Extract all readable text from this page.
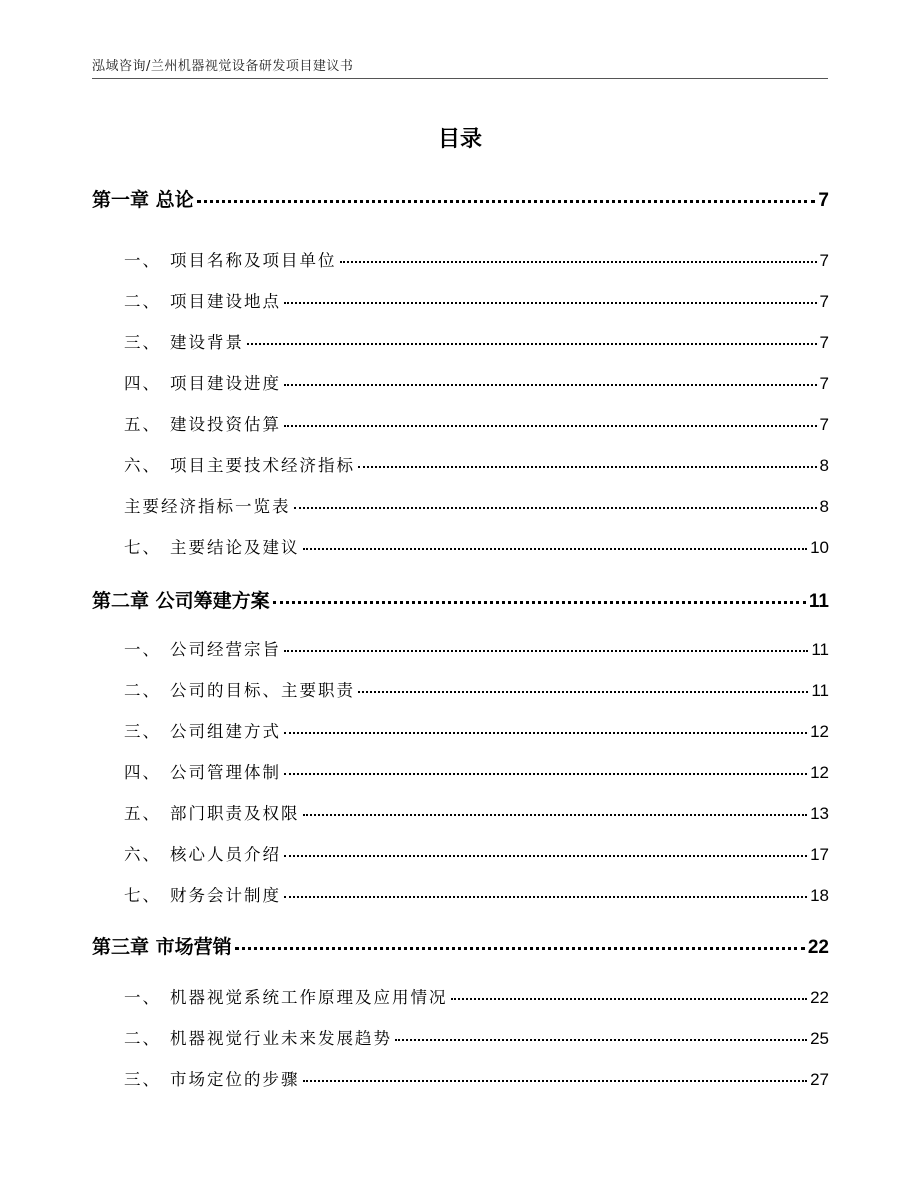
泓域咨询/兰州机器视觉设备研发项目建议书
目录
第一章 总论	7
一、 项目名称及项目单位	7
二、 项目建设地点	7
三、 建设背景	7
四、 项目建设进度	7
五、 建设投资估算	7
六、 项目主要技术经济指标	8
主要经济指标一览表	8
七、 主要结论及建议	10
第二章 公司筹建方案	11
一、 公司经营宗旨	11
二、 公司的目标、主要职责	11
三、 公司组建方式	12
四、 公司管理体制	12
五、 部门职责及权限	13
六、 核心人员介绍	17
七、 财务会计制度	18
第三章 市场营销	22
一、 机器视觉系统工作原理及应用情况	22
二、 机器视觉行业未来发展趋势	25
三、 市场定位的步骤	27
